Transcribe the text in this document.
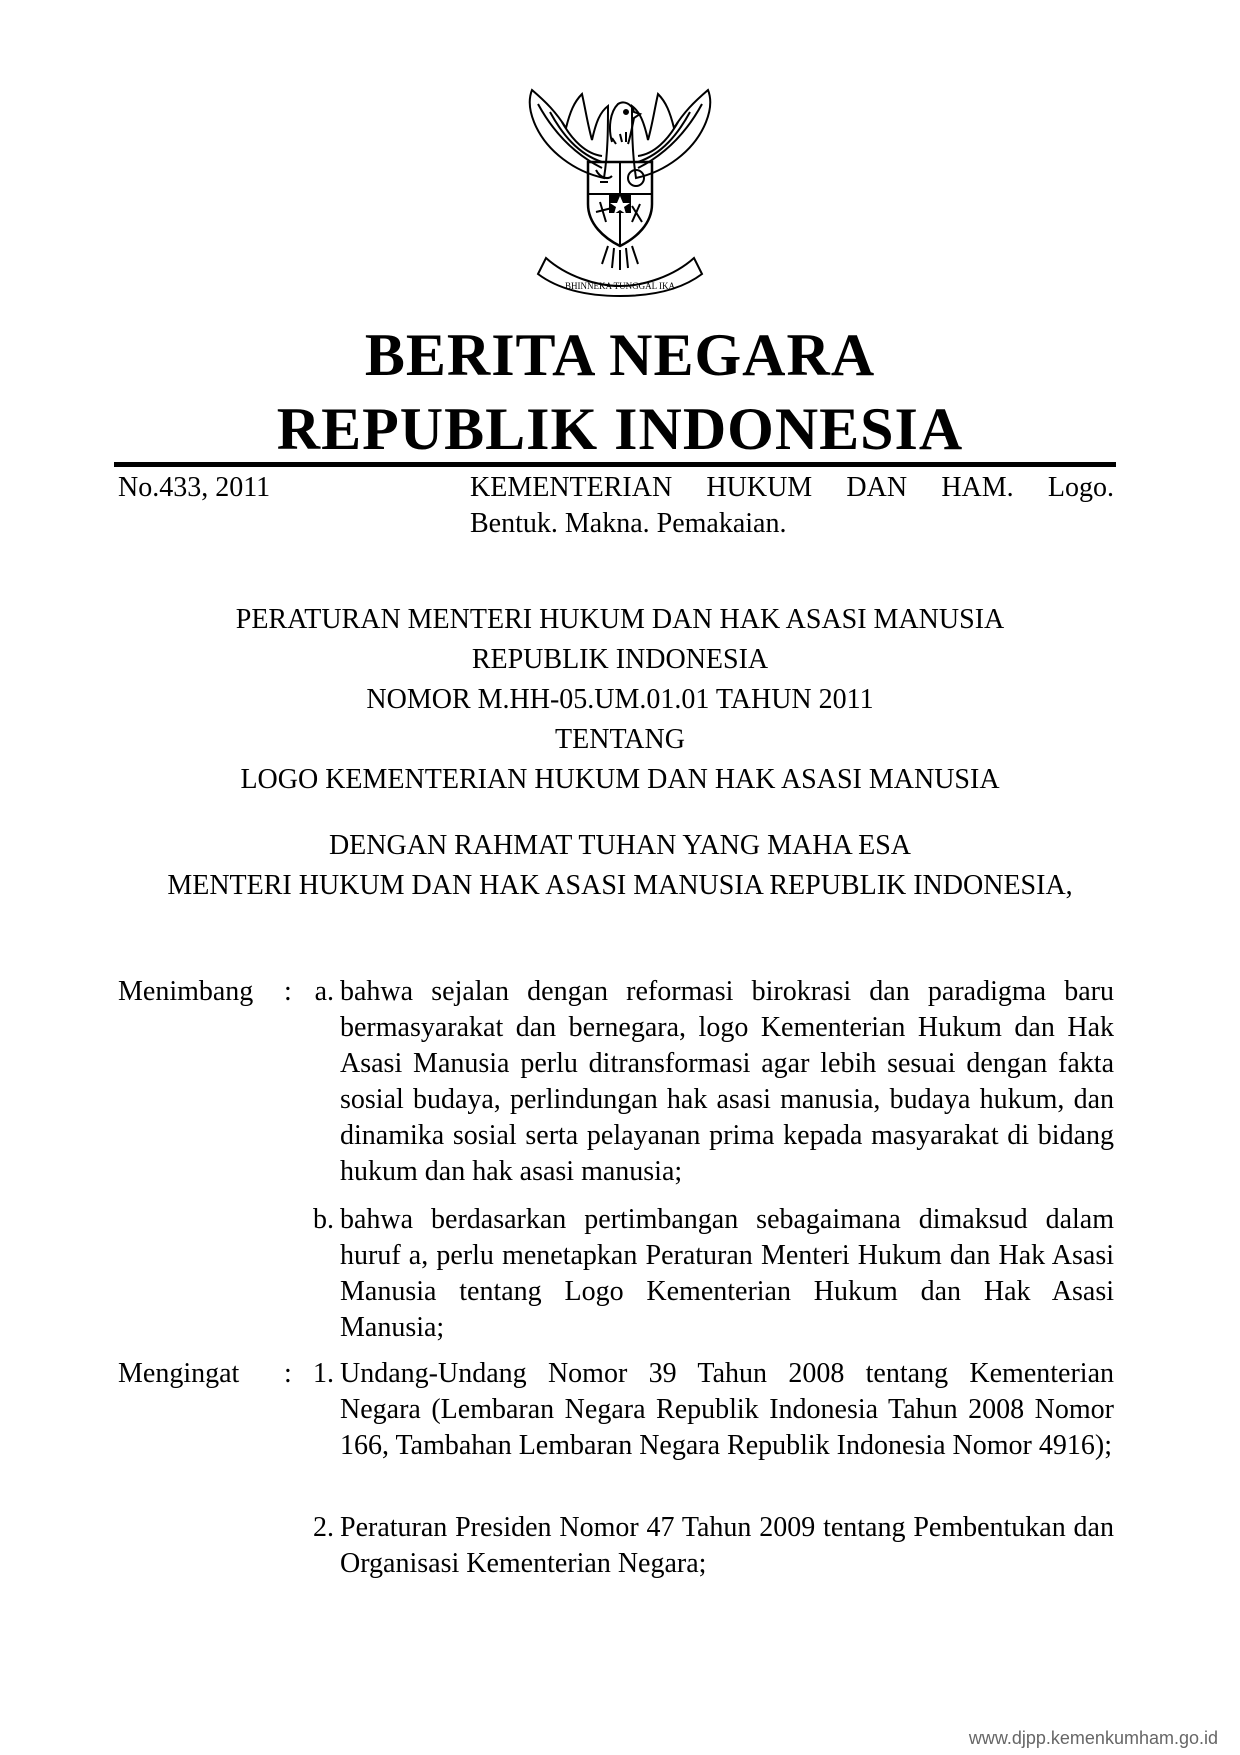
BHINNEKA TUNGGAL IKA
BERITA NEGARA
REPUBLIK INDONESIA
No.433, 2011	KEMENTERIAN HUKUM DAN HAM. Logo.
Bentuk. Makna. Pemakaian.
PERATURAN MENTERI HUKUM DAN HAK ASASI MANUSIA
REPUBLIK INDONESIA
NOMOR M.HH-05.UM.01.01 TAHUN 2011
TENTANG
LOGO KEMENTERIAN HUKUM DAN HAK ASASI MANUSIA
DENGAN RAHMAT TUHAN YANG MAHA ESA
MENTERI HUKUM DAN HAK ASASI MANUSIA REPUBLIK INDONESIA,
Menimbang : a. bahwa sejalan dengan reformasi birokrasi dan paradigma baru bermasyarakat dan bernegara, logo Kementerian Hukum dan Hak Asasi Manusia perlu ditransformasi agar lebih sesuai dengan fakta sosial budaya, perlindungan hak asasi manusia, budaya hukum, dan dinamika sosial serta pelayanan prima kepada masyarakat di bidang hukum dan hak asasi manusia;
b. bahwa berdasarkan pertimbangan sebagaimana dimaksud dalam huruf a, perlu menetapkan Peraturan Menteri Hukum dan Hak Asasi Manusia tentang Logo Kementerian Hukum dan Hak Asasi Manusia;
Mengingat : 1. Undang-Undang Nomor 39 Tahun 2008 tentang Kementerian Negara (Lembaran Negara Republik Indonesia Tahun 2008 Nomor 166, Tambahan Lembaran Negara Republik Indonesia Nomor 4916);
2. Peraturan Presiden Nomor 47 Tahun 2009 tentang Pembentukan dan Organisasi Kementerian Negara;
www.djpp.kemenkumham.go.id
